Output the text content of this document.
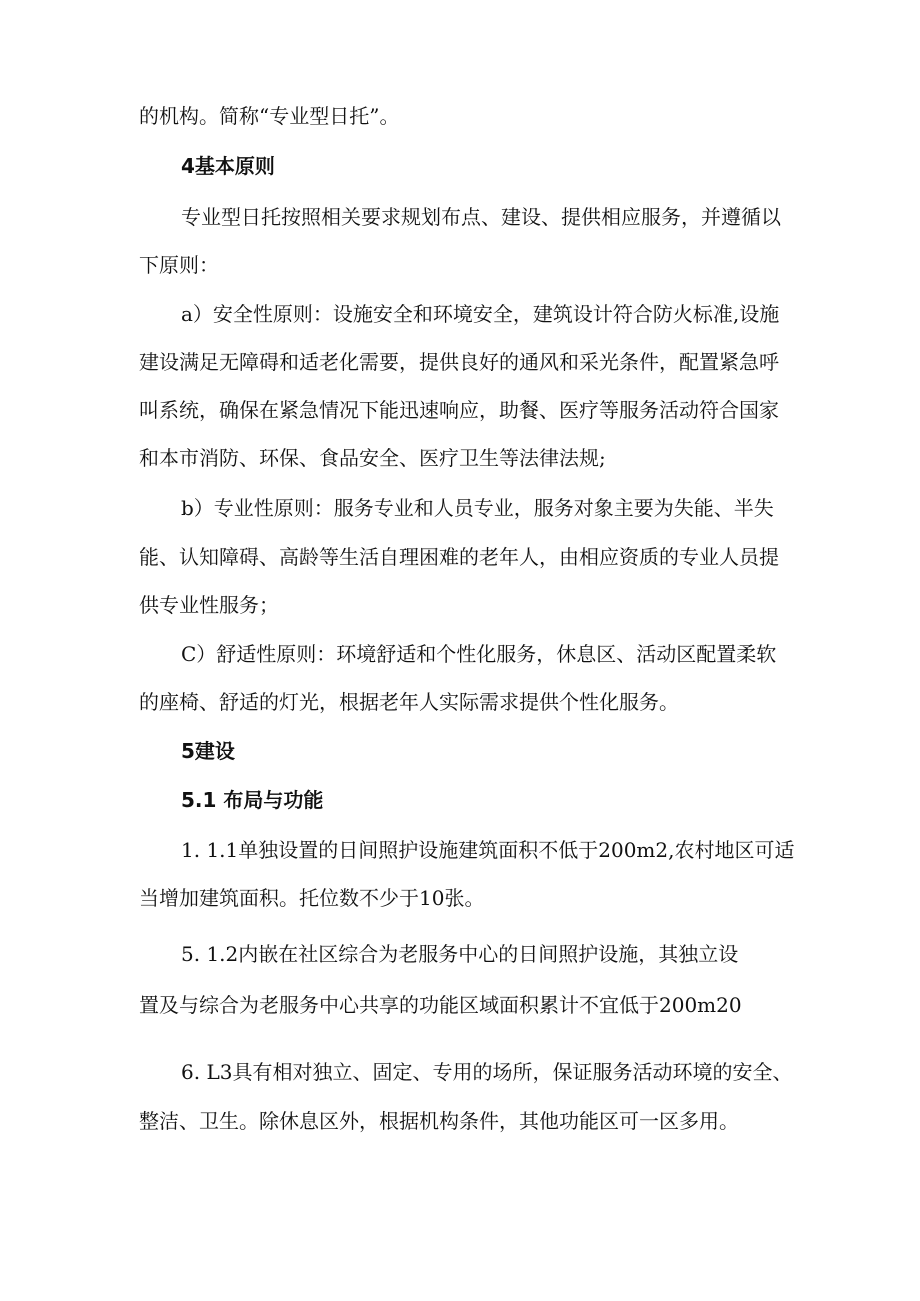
的机构。简称“专业型日托”。
4基本原则
专业型日托按照相关要求规划布点、建设、提供相应服务，并遵循以
下原则：
a）安全性原则：设施安全和环境安全，建筑设计符合防火标准,设施
建设满足无障碍和适老化需要，提供良好的通风和采光条件，配置紧急呼
叫系统，确保在紧急情况下能迅速响应，助餐、医疗等服务活动符合国家
和本市消防、环保、食品安全、医疗卫生等法律法规;
b）专业性原则：服务专业和人员专业，服务对象主要为失能、半失
能、认知障碍、高龄等生活自理困难的老年人，由相应资质的专业人员提
供专业性服务；
C）舒适性原则：环境舒适和个性化服务，休息区、活动区配置柔软
的座椅、舒适的灯光，根据老年人实际需求提供个性化服务。
5建设
5.1 布局与功能
1. 1.1单独设置的日间照护设施建筑面积不低于200m2,农村地区可适
当增加建筑面积。托位数不少于10张。
5. 1.2内嵌在社区综合为老服务中心的日间照护设施，其独立设
置及与综合为老服务中心共享的功能区域面积累计不宜低于200m20
6. L3具有相对独立、固定、专用的场所，保证服务活动环境的安全、
整洁、卫生。除休息区外，根据机构条件，其他功能区可一区多用。
